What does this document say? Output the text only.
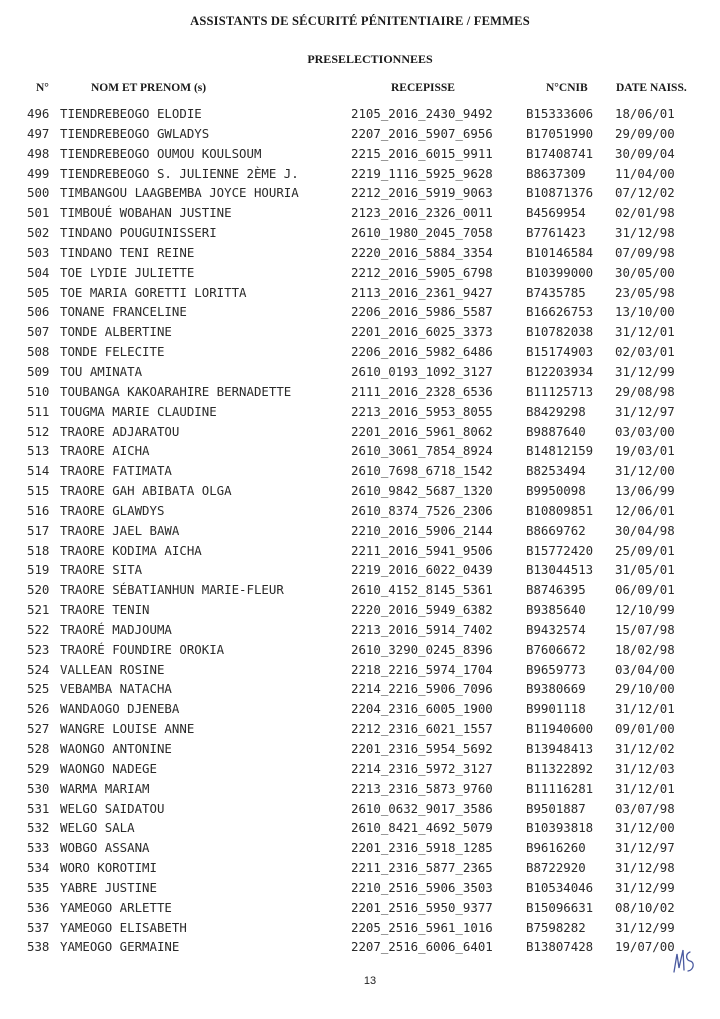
ASSISTANTS DE SÉCURITÉ PÉNITENTIAIRE / FEMMES
PRESELECTIONNEES
N°	NOM ET PRENOM (s)	RECEPISSE	N°CNIB DATE NAISS.
496 TIENDREBEOGO ELODIE	2105_2016_2430_9492	B15333606 18/06/01
497 TIENDREBEOGO GWLADYS	2207_2016_5907_6956	B17051990 29/09/00
498 TIENDREBEOGO OUMOU KOULSOUM	2215_2016_6015_9911	B17408741 30/09/04
499 TIENDREBEOGO S. JULIENNE 2ÈME J.	2219_1116_5925_9628	B8637309 11/04/00
500 TIMBANGOU LAAGBEMBA JOYCE HOURIA	2212_2016_5919_9063	B10871376 07/12/02
501 TIMBOUÉ WOBAHAN JUSTINE	2123_2016_2326_0011	B4569954 02/01/98
502 TINDANO POUGUINISSERI	2610_1980_2045_7058	B7761423 31/12/98
503 TINDANO TENI REINE	2220_2016_5884_3354	B10146584 07/09/98
504 TOE LYDIE JULIETTE	2212_2016_5905_6798	B10399000 30/05/00
505 TOE MARIA GORETTI LORITTA	2113_2016_2361_9427	B7435785 23/05/98
506 TONANE FRANCELINE	2206_2016_5986_5587	B16626753 13/10/00
507 TONDE ALBERTINE	2201_2016_6025_3373	B10782038 31/12/01
508 TONDE FELECITE	2206_2016_5982_6486	B15174903 02/03/01
509 TOU AMINATA	2610_0193_1092_3127	B12203934 31/12/99
510 TOUBANGA KAKOARAHIRE BERNADETTE	2111_2016_2328_6536	B11125713 29/08/98
511 TOUGMA MARIE CLAUDINE	2213_2016_5953_8055	B8429298 31/12/97
512 TRAORE ADJARATOU	2201_2016_5961_8062	B9887640 03/03/00
513 TRAORE AICHA	2610_3061_7854_8924	B14812159 19/03/01
514 TRAORE FATIMATA	2610_7698_6718_1542	B8253494 31/12/00
515 TRAORE GAH ABIBATA OLGA	2610_9842_5687_1320	B9950098 13/06/99
516 TRAORE GLAWDYS	2610_8374_7526_2306	B10809851 12/06/01
517 TRAORE JAEL BAWA	2210_2016_5906_2144	B8669762 30/04/98
518 TRAORE KODIMA AICHA	2211_2016_5941_9506	B15772420 25/09/01
519 TRAORE SITA	2219_2016_6022_0439	B13044513 31/05/01
520 TRAORE SÉBATIANHUN MARIE-FLEUR	2610_4152_8145_5361	B8746395 06/09/01
521 TRAORE TENIN	2220_2016_5949_6382	B9385640 12/10/99
522 TRAORÉ MADJOUMA	2213_2016_5914_7402	B9432574 15/07/98
523 TRAORÉ FOUNDIRE OROKIA	2610_3290_0245_8396	B7606672 18/02/98
524 VALLEAN ROSINE	2218_2216_5974_1704	B9659773 03/04/00
525 VEBAMBA NATACHA	2214_2216_5906_7096	B9380669 29/10/00
526 WANDAOGO DJENEBA	2204_2316_6005_1900	B9901118 31/12/01
527 WANGRE LOUISE ANNE	2212_2316_6021_1557	B11940600 09/01/00
528 WAONGO ANTONINE	2201_2316_5954_5692	B13948413 31/12/02
529 WAONGO NADEGE	2214_2316_5972_3127	B11322892 31/12/03
530 WARMA MARIAM	2213_2316_5873_9760	B11116281 31/12/01
531 WELGO SAIDATOU	2610_0632_9017_3586	B9501887 03/07/98
532 WELGO SALA	2610_8421_4692_5079	B10393818 31/12/00
533 WOBGO ASSANA	2201_2316_5918_1285	B9616260 31/12/97
534 WORO KOROTIMI	2211_2316_5877_2365	B8722920 31/12/98
535 YABRE JUSTINE	2210_2516_5906_3503	B10534046 31/12/99
536 YAMEOGO ARLETTE	2201_2516_5950_9377	B15096631 08/10/02
537 YAMEOGO ELISABETH	2205_2516_5961_1016	B7598282 31/12/99
538 YAMEOGO GERMAINE	2207_2516_6006_6401	B13807428 19/07/00
13
